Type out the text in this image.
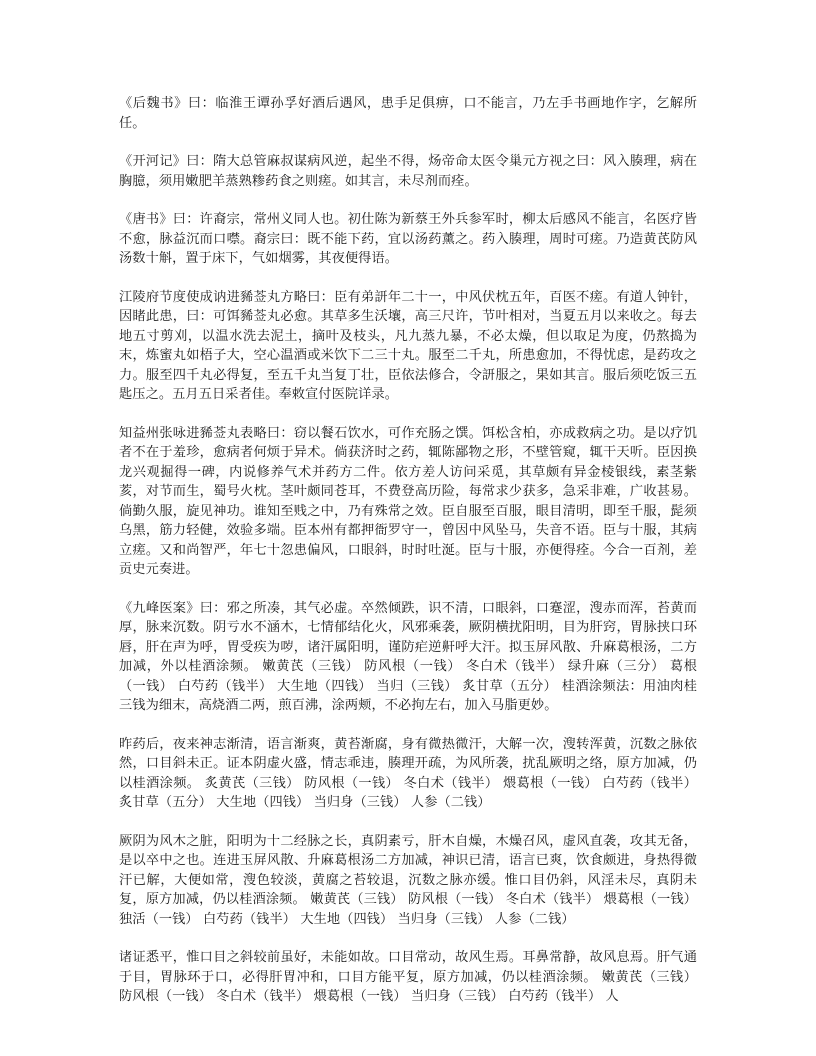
《后魏书》曰：临淮王谭孙孚好酒后遇风，患手足俱痹，口不能言，乃左手书画地作字，乞解所任。

《开河记》曰：隋大总管麻叔谋病风逆，起坐不得，炀帝命太医令巢元方视之曰：风入腠理，病在胸臆，须用嫩肥羊蒸熟糁药食之则瘥。如其言，未尽剂而痊。

《唐书》曰：许裔宗，常州义同人也。初仕陈为新蔡王外兵参军时，柳太后感风不能言，名医疗皆不愈，脉益沉而口噤。裔宗曰：既不能下药，宜以汤药薰之。药入腠理，周时可瘥。乃造黄芪防风汤数十斛，置于床下，气如烟雾，其夜便得语。

江陵府节度使成讷进豨莶丸方略曰：臣有弟訮年二十一，中风伏枕五年，百医不瘥。有道人钟针，因睹此患，曰：可饵豨莶丸必愈。其草多生沃壤，高三尺许，节叶相对，当夏五月以来收之。每去地五寸剪刈，以温水洗去泥土，摘叶及枝头，凡九蒸九暴，不必太燥，但以取足为度，仍熬捣为末，炼蜜丸如梧子大，空心温酒或米饮下二三十丸。服至二千丸，所患愈加，不得忧虑，是药攻之力。服至四千丸必得复，至五千丸当复丁壮，臣依法修合，令訮服之，果如其言。服后须吃饭三五匙压之。五月五日采者佳。奉敕宣付医院详录。

知益州张咏进豨莶丸表略曰：窃以餐石饮水，可作充肠之馔。饵松含柏，亦成救病之功。是以疗饥者不在于羞珍，愈病者何烦于异术。倘获济时之药，辄陈鄙物之形，不壁管窥，辄干天听。臣因换龙兴观掘得一碑，内说修养气术并药方二件。依方差人访问采觅，其草颇有异金棱银线，素茎紫荄，对节而生，蜀号火枕。茎叶颇同苍耳，不费登高历险，每常求少获多，急采非难，广收甚易。倘勤久服，旋见神功。谁知至贱之中，乃有殊常之效。臣自服至百服，眼目清明，即至千服，髭须乌黑，筋力轻健，效验多端。臣本州有都押衙罗守一，曾因中风坠马，失音不语。臣与十服，其病立瘥。又和尚智严，年七十忽患偏风，口眼斜，时时吐涎。臣与十服，亦便得痊。今合一百剂，差贡史元奏进。

《九峰医案》曰：邪之所凑，其气必虚。卒然倾跌，识不清，口眼斜，口蹇涩，溲赤而浑，苔黄而厚，脉来沉数。阴亏水不涵木，七情郁结化火，风邪乘袭，厥阴横扰阳明，目为肝窍，胃脉挟口环唇，肝在声为呼，胃受疾为哕，诸汗属阳明，谨防疟逆鼾呼大汗。拟玉屏风散、升麻葛根汤，二方加减，外以桂酒涂频。 嫩黄芪（三钱） 防风根（一钱） 冬白术（钱半） 绿升麻（三分） 葛根（一钱） 白芍药（钱半） 大生地（四钱） 当归（三钱） 炙甘草（五分） 桂酒涂频法：用油肉桂三钱为细末，高烧酒二两，煎百沸，涂两颊，不必拘左右，加入马脂更妙。

昨药后，夜来神志渐清，语言渐爽，黄苔渐腐，身有微热微汗，大解一次，溲转浑黄，沉数之脉依然，口目斜未正。证本阴虚火盛，情志乖违，腠理开疏，为风所袭，扰乱厥明之络，原方加减，仍以桂酒涂频。 炙黄芪（三钱） 防风根（一钱） 冬白术（钱半） 煨葛根（一钱） 白芍药（钱半） 炙甘草（五分） 大生地（四钱） 当归身（三钱） 人参（二钱）

厥阴为风木之脏，阳明为十二经脉之长，真阴素亏，肝木自燥，木燥召风，虚风直袭，攻其无备，是以卒中之也。连进玉屏风散、升麻葛根汤二方加减，神识已清，语言已爽，饮食颇进，身热得微汗已解，大便如常，溲色较淡，黄腐之苔较退，沉数之脉亦缓。惟口目仍斜，风淫未尽，真阴未复，原方加减，仍以桂酒涂频。 嫩黄芪（三钱） 防风根（一钱） 冬白术（钱半） 煨葛根（一钱） 独活（一钱） 白芍药（钱半） 大生地（四钱） 当归身（三钱） 人参（二钱）

诸证悉平，惟口目之斜较前虽好，未能如故。口目常动，故风生焉。耳鼻常静，故风息焉。肝气通于目，胃脉环于口，必得肝胃冲和，口目方能平复，原方加减，仍以桂酒涂频。 嫩黄芪（三钱） 防风根（一钱） 冬白术（钱半） 煨葛根（一钱） 当归身（三钱） 白芍药（钱半） 人
